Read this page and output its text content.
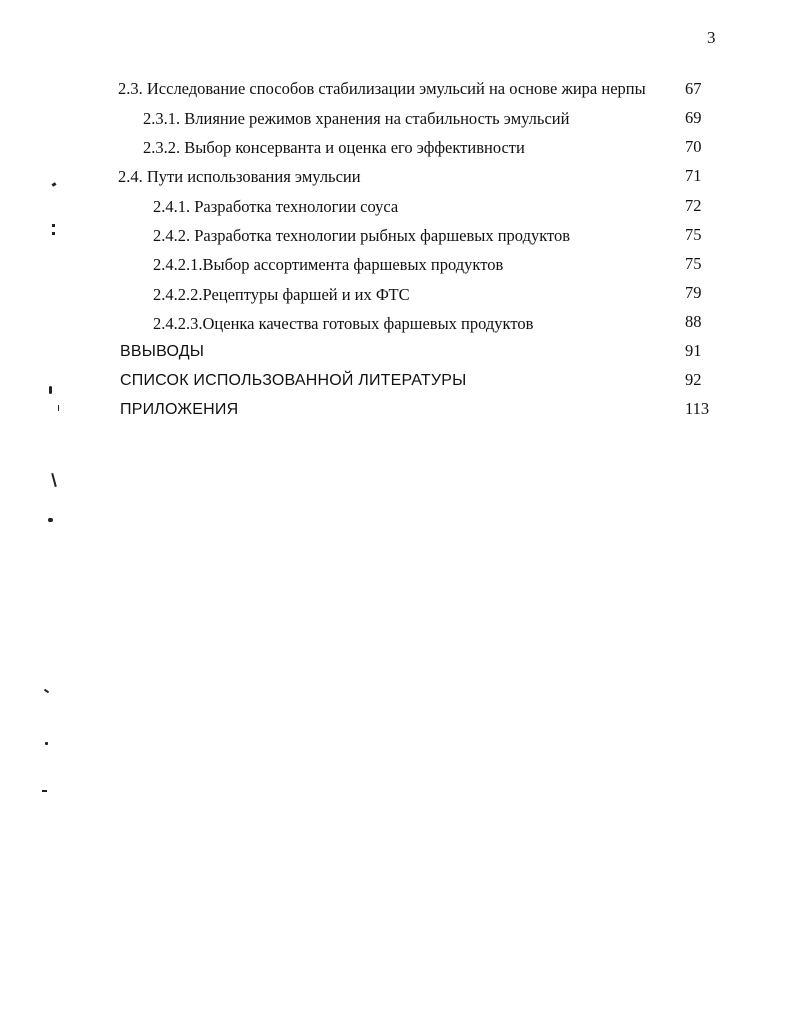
3
2.3. Исследование способов стабилизации эмульсий на основе жира нерпы 67
2.3.1. Влияние режимов хранения на стабильность эмульсий	69
2.3.2. Выбор консерванта и оценка его эффективности	70
2.4. Пути использования эмульсии	71
2.4.1. Разработка технологии соуса	72
2.4.2. Разработка технологии рыбных фаршевых продуктов	75
2.4.2.1.Выбор ассортимента фаршевых продуктов	75
2.4.2.2.Рецептуры фаршей и их ФТС	79
2.4.2.3.Оценка качества готовых фаршевых продуктов	88
ВВЫВОДЫ	91
СПИСОК ИСПОЛЬЗОВАННОЙ ЛИТЕРАТУРЫ	92
ПРИЛОЖЕНИЯ	113
